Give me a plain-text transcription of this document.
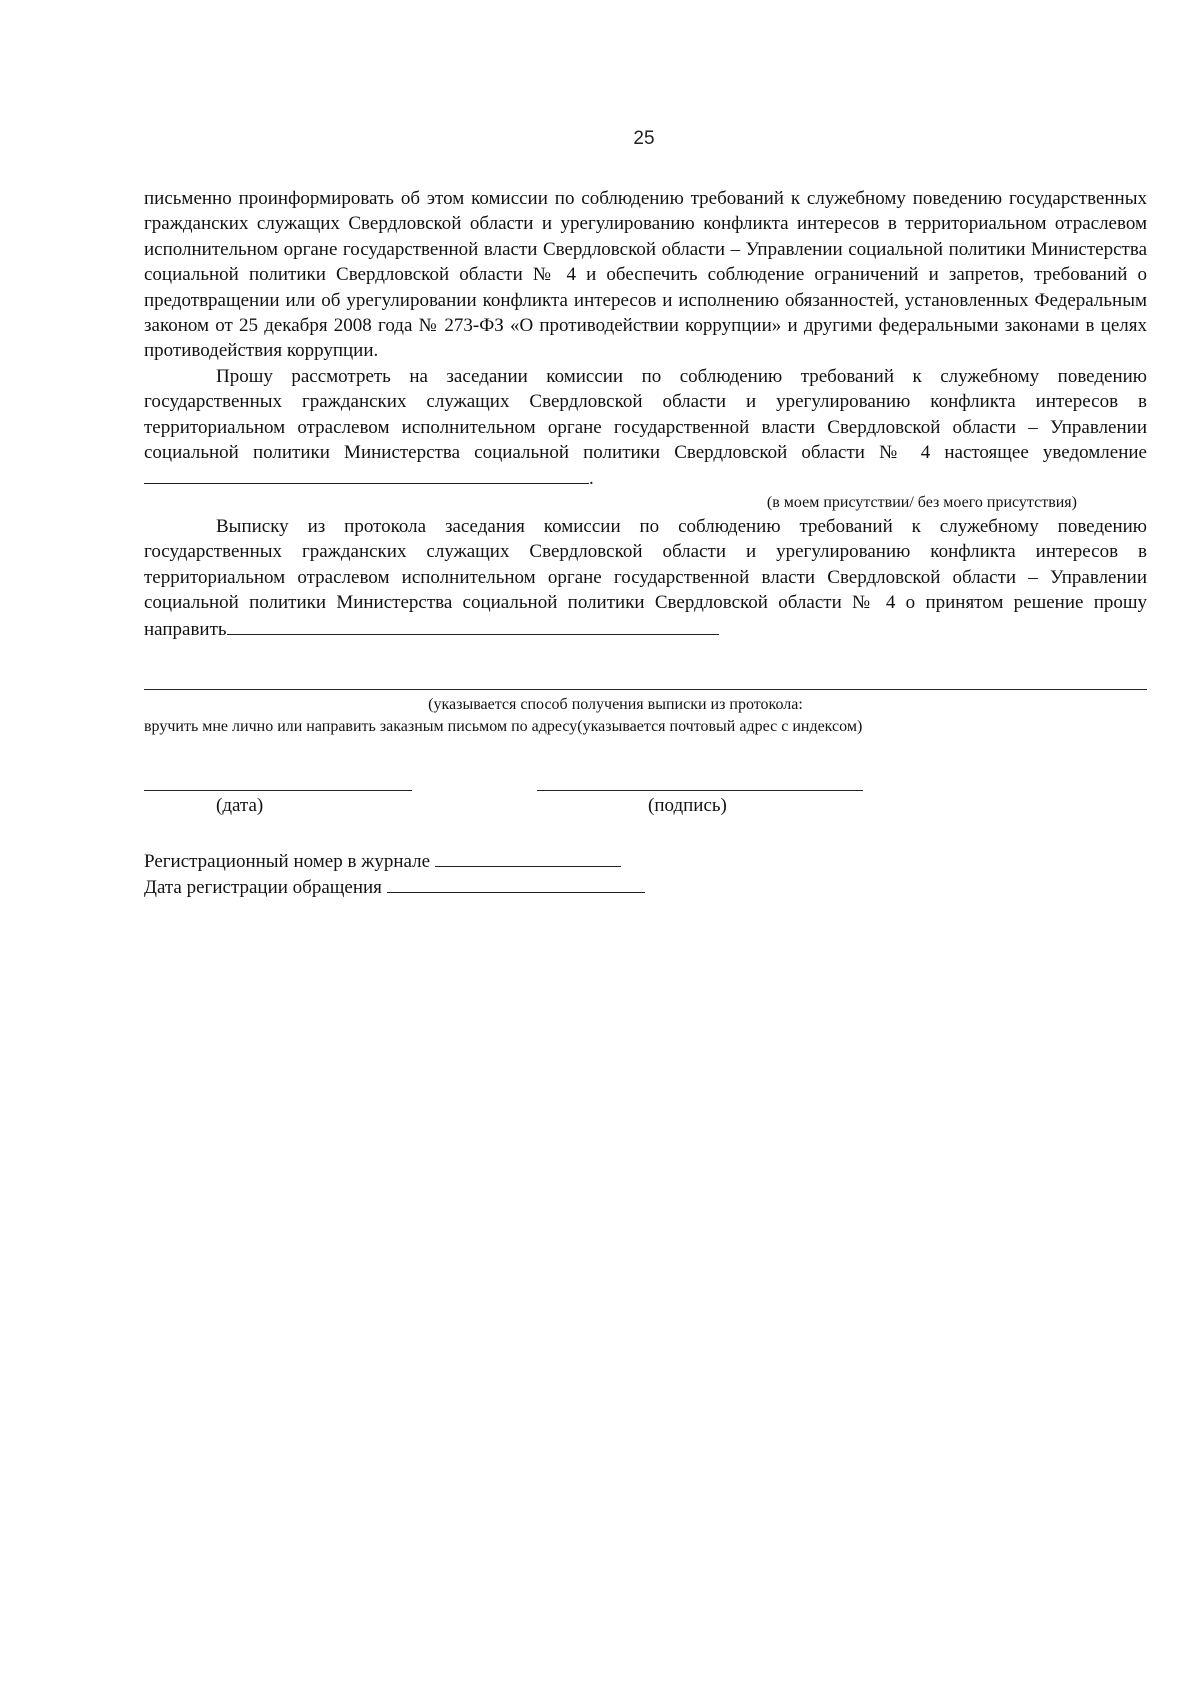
25

письменно проинформировать об этом комиссии по соблюдению требований к служебному поведению государственных гражданских служащих Свердловской области и урегулированию конфликта интересов в территориальном отраслевом исполнительном органе государственной власти Свердловской области – Управлении социальной политики Министерства социальной политики Свердловской области № 4 и обеспечить соблюдение ограничений и запретов, требований о предотвращении или об урегулировании конфликта интересов и исполнению обязанностей, установленных Федеральным законом от 25 декабря 2008 года № 273-ФЗ «О противодействии коррупции» и другими федеральными законами в целях противодействия коррупции.

Прошу рассмотреть на заседании комиссии по соблюдению требований к служебному поведению государственных гражданских служащих Свердловской области и урегулированию конфликта интересов в территориальном отраслевом исполнительном органе государственной власти Свердловской области – Управлении социальной политики Министерства социальной политики Свердловской области № 4 настоящее уведомление .

(в моем присутствии/ без моего присутствия)

Выписку из протокола заседания комиссии по соблюдению требований к служебному поведению государственных гражданских служащих Свердловской области и урегулированию конфликта интересов в территориальном отраслевом исполнительном органе государственной власти Свердловской области – Управлении социальной политики Министерства социальной политики Свердловской области № 4 о принятом решение прошу направить

(указывается способ получения выписки из протокола:
вручить мне лично или направить заказным письмом по адресу(указывается почтовый адрес с индексом)
(дата)	(подпись)
Регистрационный номер в журнале
Дата регистрации обращения
